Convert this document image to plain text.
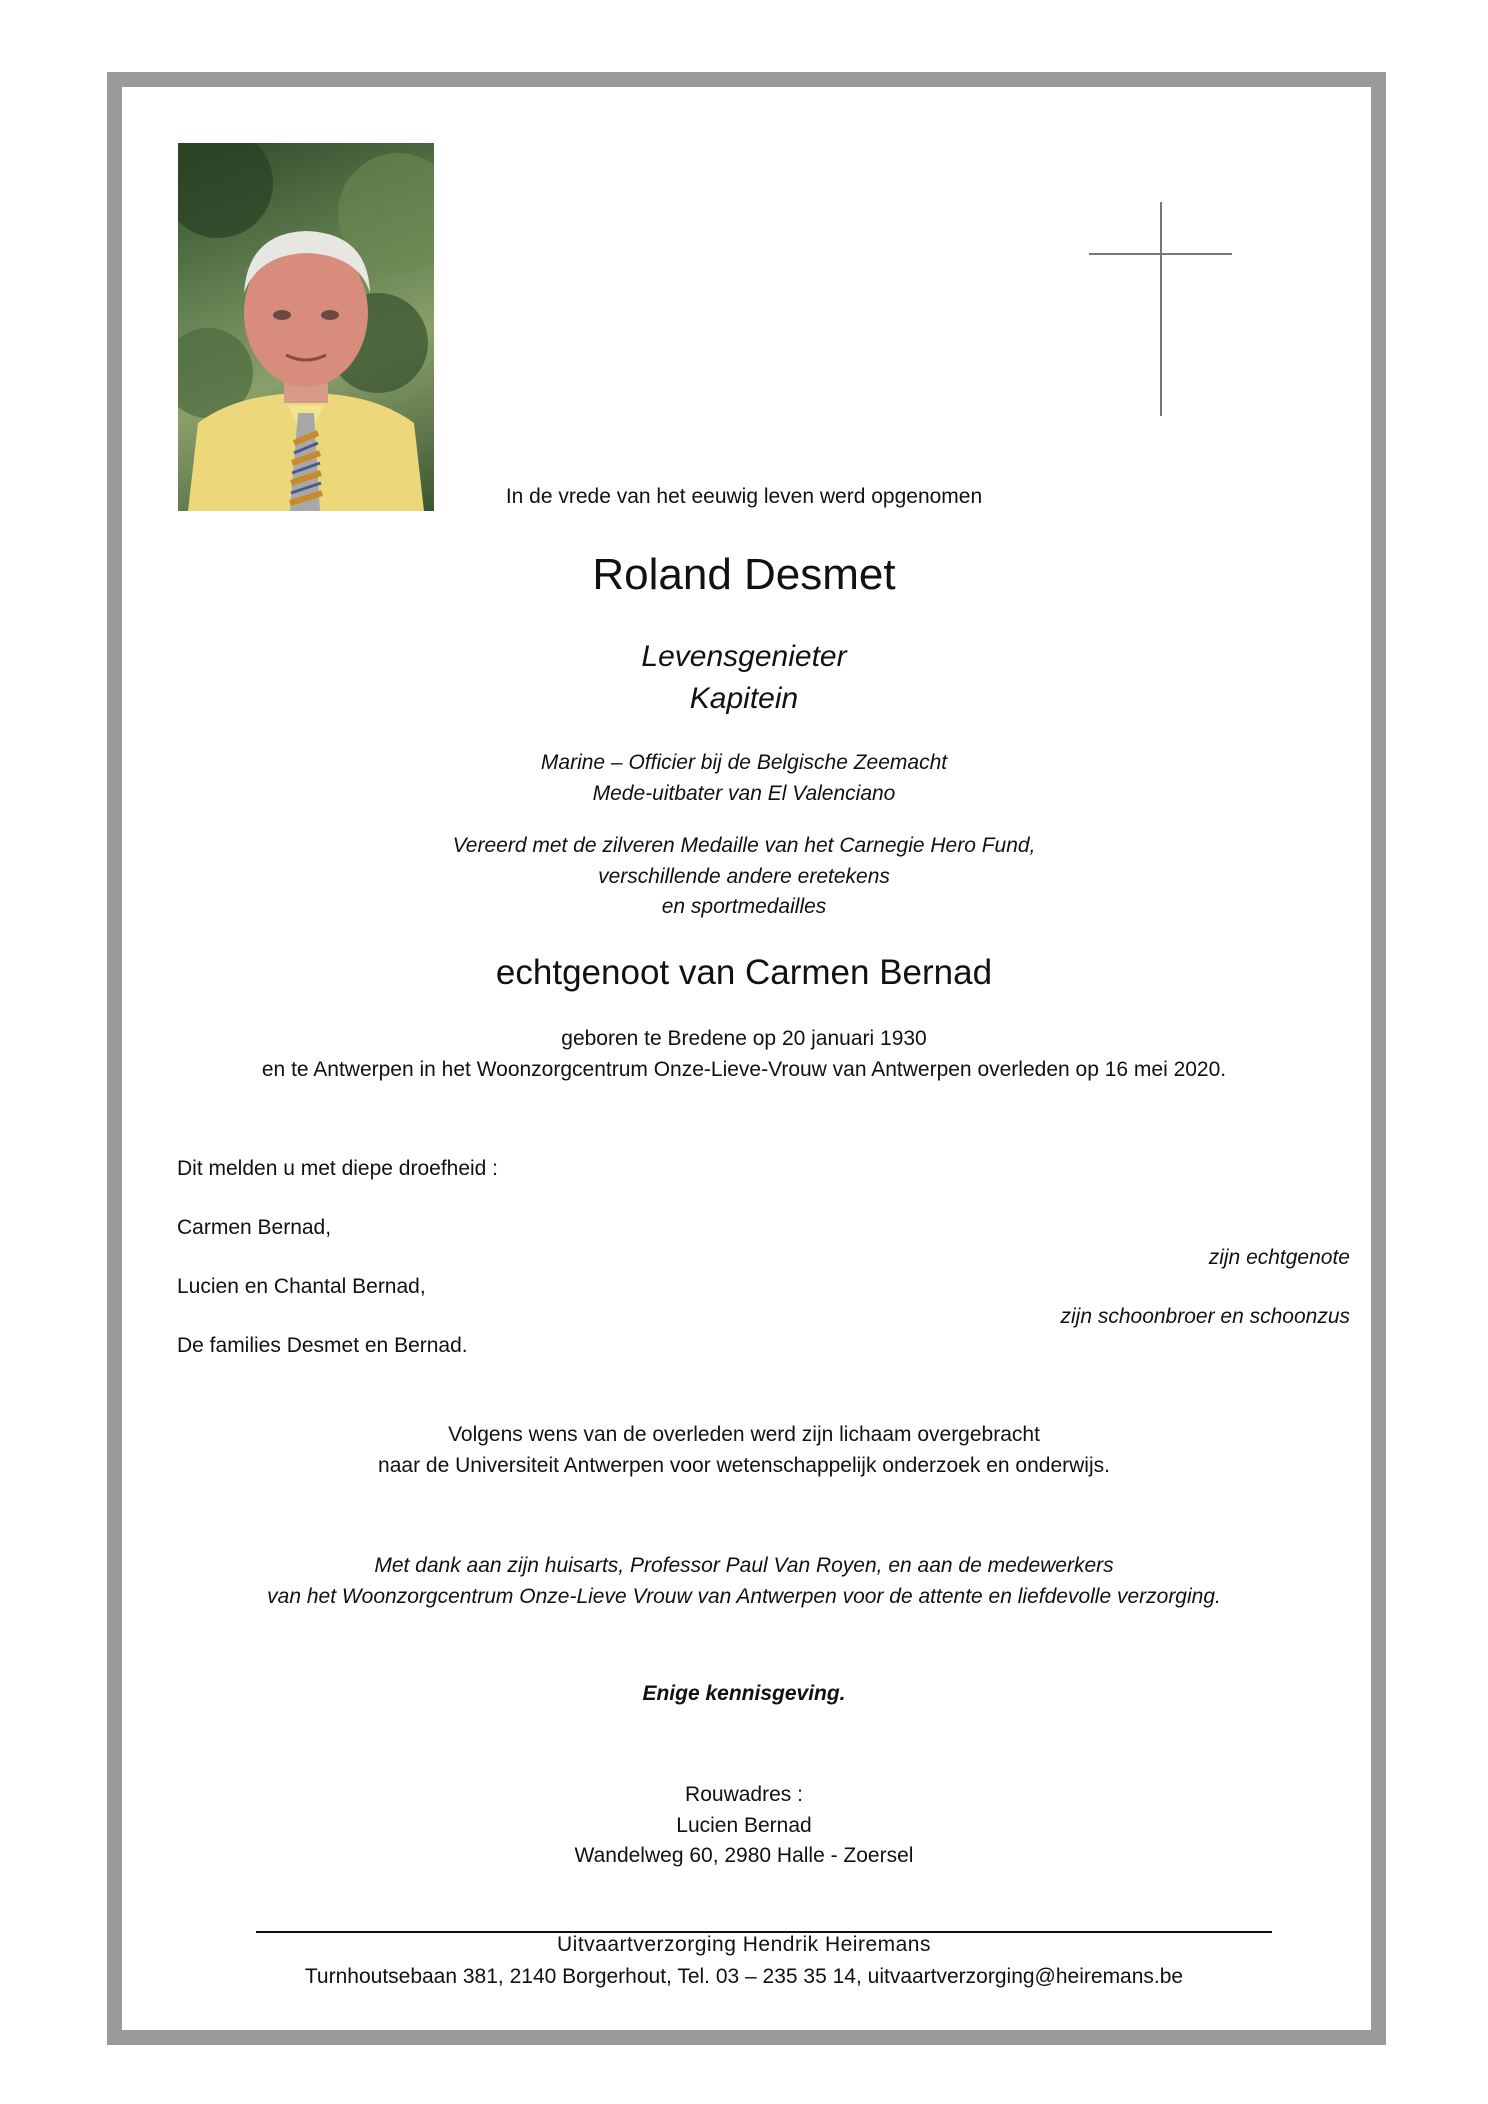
In de vrede van het eeuwig leven werd opgenomen
Roland Desmet
Levensgenieter
Kapitein
Marine – Officier bij de Belgische Zeemacht
Mede-uitbater van El Valenciano
Vereerd met de zilveren Medaille van het Carnegie Hero Fund,
verschillende andere eretekens
en sportmedailles
echtgenoot van Carmen Bernad
geboren te Bredene op 20 januari 1930
en te Antwerpen in het Woonzorgcentrum Onze-Lieve-Vrouw van Antwerpen overleden op 16 mei 2020.
Dit melden u met diepe droefheid :
Carmen Bernad,
zijn echtgenote
Lucien en Chantal Bernad,
zijn schoonbroer en schoonzus
De families Desmet en Bernad.
Volgens wens van de overleden werd zijn lichaam overgebracht
naar de Universiteit Antwerpen voor wetenschappelijk onderzoek en onderwijs.
Met dank aan zijn huisarts, Professor Paul Van Royen, en aan de medewerkers
van het Woonzorgcentrum Onze-Lieve Vrouw van Antwerpen voor de attente en liefdevolle verzorging.
Enige kennisgeving.
Rouwadres :
Lucien Bernad
Wandelweg 60, 2980 Halle - Zoersel
Uitvaartverzorging Hendrik Heiremans
Turnhoutsebaan 381, 2140 Borgerhout, Tel. 03 – 235 35 14, uitvaartverzorging@heiremans.be
